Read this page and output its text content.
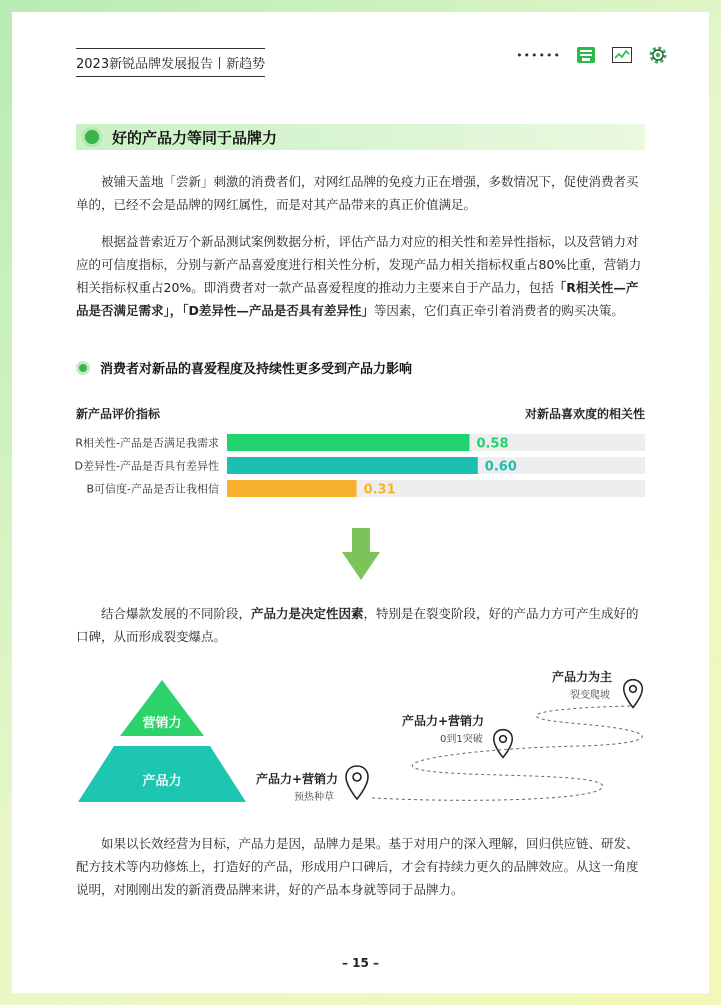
2023新锐品牌发展报告丨新趋势
••••••
好的产品力等同于品牌力

被铺天盖地「尝新」刺激的消费者们，对网红品牌的免疫力正在增强，多数情况下，促使消费者买单的，已经不会是品牌的网红属性，而是对其产品带来的真正价值满足。

根据益普索近万个新品测试案例数据分析，评估产品力对应的相关性和差异性指标，以及营销力对应的可信度指标，分别与新产品喜爱度进行相关性分析，发现产品力相关指标权重占80%比重，营销力相关指标权重占20%。即消费者对一款产品喜爱程度的推动力主要来自于产品力，包括「R相关性—产品是否满足需求」，「D差异性—产品是否具有差异性」等因素，它们真正牵引着消费者的购买决策。

消费者对新品的喜爱程度及持续性更多受到产品力影响
新产品评价指标	对新品喜欢度的相关性
R相关性-产品是否满足我需求	0.58
D差异性-产品是否具有差异性	0.60
B可信度-产品是否让我相信	0.31

结合爆款发展的不同阶段，产品力是决定性因素，特别是在裂变阶段，好的产品力方可产生成好的口碑，从而形成裂变爆点。

营销力
产品力	产品力+营销力
预热种草
产品力+营销力
0到1突破
产品力为主
裂变爬坡

如果以长效经营为目标，产品力是因，品牌力是果。基于对用户的深入理解，回归供应链、研发、配方技术等内功修炼上，打造好的产品，形成用户口碑后，才会有持续力更久的品牌效应。从这一角度说明，对刚刚出发的新消费品牌来讲，好的产品本身就等同于品牌力。

– 15 –
